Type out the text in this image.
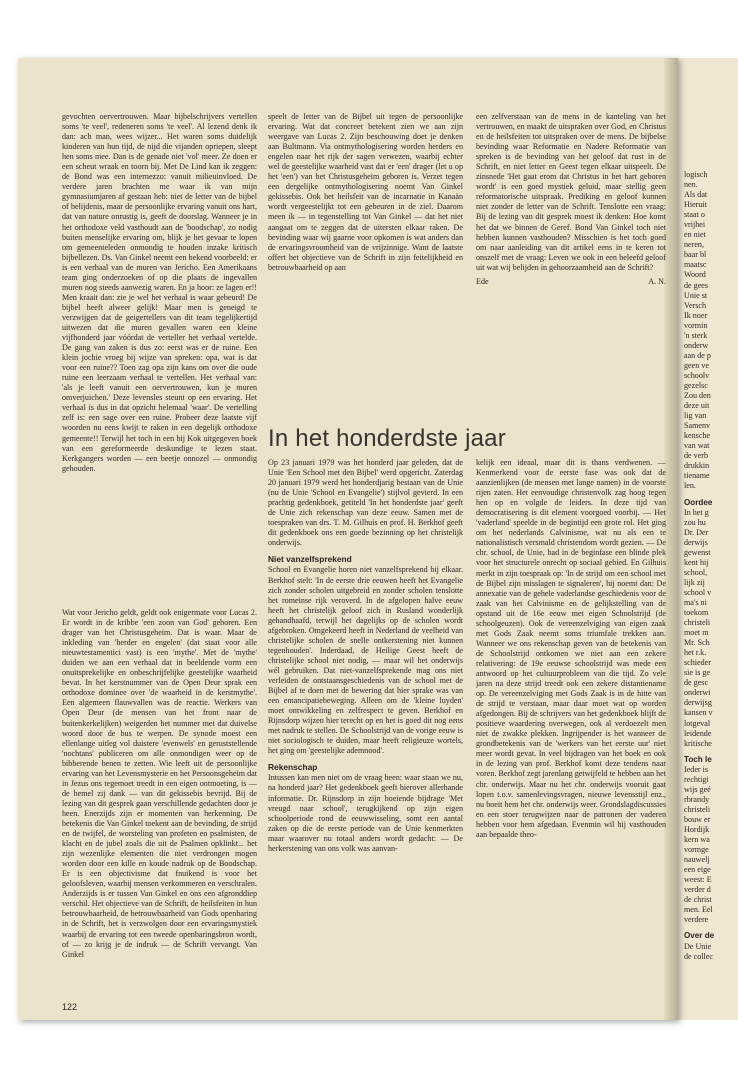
logisch
nen.
Als dat
Hieruit
staat o
vrijhei
en niet
neren,
baar bl
maatsc
Woord
de gees
Unie st
Versch
Ik noer
vormin
'n sterk
onderw
aan de p
geen ve
schoolv
gezelsc
Zou den
deze uit
lig van
Samenv
kensche
van wat
de verb
drukkin
tiename
len.
Oordee
In het g
zou hu
Dr. Der
derwijs
gewenst
kent hij
school,
lijk zij
school v
ma's ni
toekom
christeli
moet m
Mr. Sch
het r.k.
schieder
sie is ge
de gesc
onderwi
derwijsg
kansen v
lotgeval
leidende
kritische
Toch le
Ieder is
rechtigi
wijs geé
rbrandy
christeli
bouw er
Hordijk
kern wa
vormge
nauwelj
een eige
weest: E
verder d
de christ
men. Eel
verdere
Over de
De Unie
de collec

gevochten oervertrouwen. Maar bijbelschrijvers vertellen soms 'te veel', redeneren soms 'te veel'. Al lezend denk ik dan: ach man, wees wijzer... Het waren soms duidelijk kinderen van hun tijd, de nijd die vijanden opriepen, sleept hen soms mee. Dan is de genade niet 'vol' meer. Ze doen er een scheut wraak en toorn bij. Met De Lind kan ik zeggen: de Bond was een internezzo: vanuit milieuinvloed. De verdere jaren brachten me waar ik van mijn gymnasiumjaren af gestaan heb: niet de letter van de bijbel of belijdenis, maar de persoonlijke ervaring vanuit ons hart, dat van nature onrustig is, geeft de doorslag. Wanneer je in het orthodoxe veld vasthoudt aan de 'boodschap', zo nodig buiten menselijke ervaring om, blijk je het gevaar te lopen om gemeenteleden onmondig te houden inzake kritisch bijbellezen. Ds. Van Ginkel neemt een bekend voorbeeld: er is een verhaal van de muren van Jericho. Een Amerikaans team ging onderzoeken of op die plaats de ingevallen muren nog steeds aanwezig waren. En ja hoor: ze lagen er!! Men kraait dan: zie je wel het verhaal is waar gebeurd! De bijbel heeft alweer gelijk! Maar men is geneigd te verzwijgen dat de geigertellers van dit team tegelijkertijd uitwezen dat die muren gevallen waren een kleine vijfhonderd jaar vóórdat de verteller het verhaal vertelde. De gang van zaken is dus zo: eerst was er de ruine. Een klein jochie vroeg bij wijze van spreken: opa, wat is dat voor een ruine?? Toen zag opa zijn kans om over die oude ruine een leerzaam verhaal te vertellen. Het verhaal van: 'als je leeft vanuit een oervertrouwen, kun je muren omverjuichen.' Deze levensles steunt op een ervaring. Het verhaal is dus in dat opzicht helemaal 'waar'. De vertelling zelf is: een sage over een ruine. Probeer deze laatste vijf woorden nu eens kwijt te raken in een degelijk orthodoxe gemeente!! Terwijl het toch in een bij Kok uitgegeven boek van een gereformeerde deskundige te lezen staat. Kerkgangers worden — een beetje onnozel — onmondig gehouden.

Wat voor Jericho geldt, geldt ook enigermate voor Lucas 2. Er wordt in de kribbe 'een zoon van God' geboren. Een drager van het Christusgeheim. Dat is waar. Maar de inkleding van 'herder en engelen' (dat staat voor alle nieuwtestamentici vast) is een 'mythe'. Met de 'mythe' duiden we aan een verhaal dat in beeldende vorm een onuitsprekelijke en onbeschrijfelijke geestelijke waarheid bevat. In het kerstnummer van de Open Deur sprak een orthodoxe dominee over 'de waarheid in de kerstmythe'. Een algemeen flauwvallen was de reactie. Werkers van Open Deur (de mensen van het front naar de buitenkerkelijken) weigerden het nummer met dat duivelse woord door de bus te werpen. De synode moest een ellenlange uitleg vol duistere 'evenwels' en geruststellende 'nochtans' publiceren om alle onmondigen weer op de bibberende benen te zetten. Wie leeft uit de persoonlijke ervaring van het Levensmysterie en het Persoonsgeheim dat in Jezus ons tegemoet treedt in een eigen ontmoeting, is — de hemel zij dank — van dit gekissebis bevrijd. Bij de lezing van dit gesprek gaan verschillende gedachten door je heen. Enerzijds zijn er momenten van herkenning. De betekenis die Van Ginkel toekent aan de bevinding, de strijd en de twijfel, de worsteling van profeten en psalmisten, de klacht en de jubel zoals die uit de Psalmen opklinkt... het zijn wezenlijke elementen die niet verdrongen mogen worden door een kille en koude nadruk op de Boodschap. Er is een objectivisme dat fnuikend is voor het geloofsleven, waarbij mensen verkommeren en verschralen. Anderzijds is er tussen Van Ginkel en ons een afgronddiep verschil. Het objectieve van de Schrift, de heilsfeiten in hun betrouwbaarheid, de betrouwbaarheid van Gods openbaring in de Schrift, het is verzwolgen door een ervaringsmystiek waarbij de ervaring tot een tweede openbaringsbron wordt, of — zo krijg je de indruk — de Schrift vervangt. Van Ginkel

speelt de letter van de Bijbel uit tegen de persoonlijke ervaring. Wat dat concreet betekent zien we aan zijn weergave van Lucas 2. Zijn beschouwing doet je denken aan Bultmann. Via ontmythologisering worden herders en engelen naar het rijk der sagen verwezen, waarbij echter wel de geestelijke waarheid vast dat er 'een' drager (let u op het 'een') van het Christusgeheim geboren is. Verzet tegen een dergelijke ontmythologisering noemt Van Ginkel gekissebis. Ook het heilsfeit van de incarnatie in Kanaän wordt vergeestelijkt tot een gebeuren in de ziel. Daarom meen ik — in tegenstelling tot Van Ginkel — dat het niet aangaat om te zeggen dat de uitersten elkaar raken. De bevinding waar wij gaarne voor opkomen is wat anders dan de ervaringsvroomheid van de vrijzinnige. Want de laatste offert het objectieve van de Schrift in zijn feitelijkheid en betrouwbaarheid op aan

een zelfverstaan van de mens in de kanteling van het vertrouwen, en maakt de uitspraken over God, en Christus en de heilsfeiten tot uitspraken over de mens. De bijbelse bevinding waar Reformatie en Nadere Reformatie van spreken is de bevinding van het geloof dat rust in de Schrift, en niet letter en Geest tegen elkaar uitspeelt. De zinsnede 'Het gaat erom dat Christus in het hart geboren wordt' is een goed mystiek geluid, maar stellig geen reformatorische uitspraak. Prediking en geloof kunnen niet zonder de letter van de Schrift. Tenslotte een vraag: Bij de lezing van dit gesprek moest ik denken: Hoe komt het dat we binnen de Geref. Bond Van Ginkel toch niet hebben kunnen vasthouden? Misschien is het toch goed om naar aanleiding van dit artikel eens in te keren tot onszelf met de vraag: Leven we ook in een beleefd geloof uit wat wij belijden in gehoorzaamheid aan de Schrift?

Ede	A. N.
In het honderdste jaar

Op 23 januari 1979 was het honderd jaar geleden, dat de Unie 'Een School met den Bijbel' werd opgericht. Zaterdag 20 januari 1979 werd het honderdjarig bestaan van de Unie (nu de Unie 'School en Evangelie') stijlvol gevierd. In een prachtig gedenkboek, getiteld 'In het honderdste jaar' geeft de Unie zich rekenschap van deze eeuw. Samen met de toespraken van drs. T. M. Gilhuis en prof. H. Berkhof geeft dit gedenkboek ons een goede bezinning op het christelijk onderwijs.

Niet vanzelfsprekend

School en Evangelie horen niet vanzelfsprekend bij elkaar. Berkhof stelt: 'In de eerste drie eeuwen heeft het Evangelie zich zonder scholen uitgebreid en zonder scholen tenslotte het romeinse rijk veroverd. In de afgelopen halve eeuw heeft het christelijk geloof zich in Rusland wonderlijk gehandhaafd, terwijl het dagelijks op de scholen wordt afgebroken. Omgekeerd heeft in Nederland de veelheid van christelijke scholen de snelle ontkerstening niet kunnen tegenhouden'. Inderdaad, de Heilige Geest heeft de christelijke school niet nodig, — maar wil het onderwijs wél gebruiken. Dat niet-vanzelfsprekende mag ons niet verleiden de ontstaansgeschiedenis van de school met de Bijbel af te doen met de bewering dat hier sprake was van een emancipatiebeweging. Alleen om de 'kleine luyden' moet ontwikkeling en zelfrespect te geven. Berkhof en Rijnsdorp wijzen hier terecht op en het is goed dit nog eens met nadruk te stellen. De Schoolstrijd van de vorige eeuw is niet sociologisch te duiden, maar heeft religieuze wortels, het ging om 'geestelijke ademnood'.

Rekenschap

Intussen kan men niet om de vraag heen: waar staan we nu, na honderd jaar? Het gedenkboek geeft hierover allerhande informatie. Dr. Rijnsdorp in zijn boeiende bijdrage 'Met vreugd naar school', terugkijkend op zijn eigen schoolperiode rond de eeuwwisseling, somt een aantal zaken op die de eerste periode van de Unie kenmerkten maar waarover nu totaal anders wordt gedacht: — De herkerstening van ons volk was aanvan-

kelijk een ideaal, maar dit is thans verdwenen. — Kenmerkend voor de eerste fase was ook dat de aanzienlijken (de mensen met lange namen) in de voorste rijen zaten. Het eenvoudige christenvolk zag hoog tegen hen op en volgde de leiders. In deze tijd van democratisering is dit element voorgoed voorbij. — Het 'vaderland' speelde in de begintijd een grote rol. Het ging om het nederlands Calvinisme, wat nu als een te nationalistisch versmald christendom wordt gezien. — De chr. school, de Unie, had in de beginfase een blinde plek voor het structurele onrecht op sociaal gebied. En Gilhuis merkt in zijn toespraak op: 'In de strijd om een school met de Bijbel zijn misslagen te signaleren', hij noemt dan: De annexatie van de gehele vaderlandse geschiedenis voor de zaak van het Calvinisme en de gelijkstelling van de opstand uit de 16e eeuw met eigen Schoolstrijd (de schoolgeuzen). Ook de vereenzelviging van eigen zaak met Gods Zaak neemt soms triumfale trekken aan. Wanneer we ons rekenschap geven van de betekenis van de Schoolstrijd ontkomen we niet aan een zekere relativering: de 19e eeuwse schoolstrijd was mede een antwoord op het cultuurprobleem van die tijd. Zo vele jaren na deze strijd treedt ook een zekere distantiename op. De vereenzelviging met Gods Zaak is in de hitte van de strijd te verstaan, maar daar moet wat op worden afgedongen. Bij de schrijvers van het gedenkboek blijft de positieve waardering overwegen, ook al verdoezelt men niet de zwakke plekken. Ingrijpender is het wanneer de grondbetekenis van de 'werkers van het eerste uur' niet meer wordt gevat. In veel bijdragen van het boek en ook in de lezing van prof. Berkhof komt deze tendens naar voren. Berkhof zegt jarenlang getwijfeld te hebben aan het chr. onderwijs. Maar nu het chr. onderwijs vooruit gaat lopen t.o.v. samenlevingsvragen, nieuwe levensstijl enz., nu boeit hem het chr. onderwijs weer. Grondslagdiscussies en een stoer terugwijzen naar de patronen der vaderen hebben voor hem afgedaan. Evenmin wil hij vasthouden aan bepaalde theo-

122
